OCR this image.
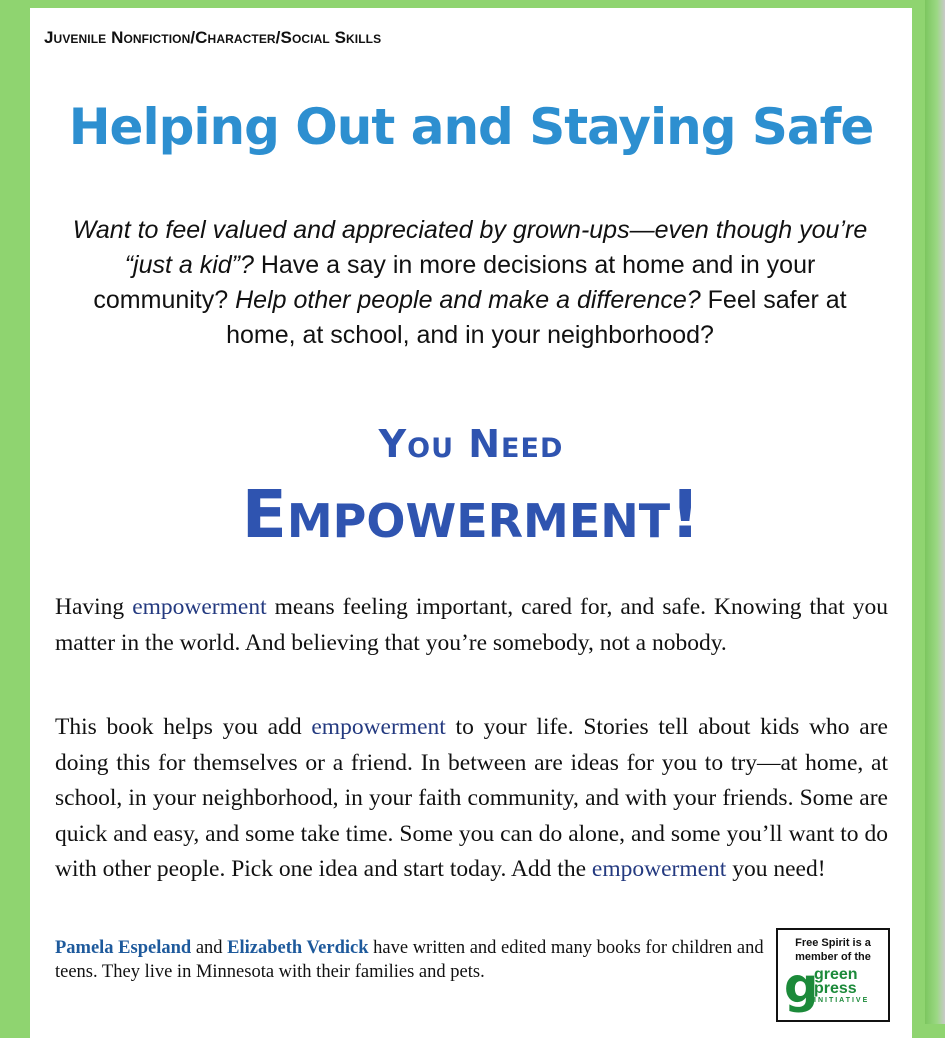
Juvenile Nonfiction/Character/Social Skills
Helping Out and Staying Safe
Want to feel valued and appreciated by grown-ups—even though you’re “just a kid”? Have a say in more decisions at home and in your community? Help other people and make a difference? Feel safer at home, at school, and in your neighborhood?
You Need
Empowerment!
Having empowerment means feeling important, cared for, and safe. Knowing that you matter in the world. And believing that you’re somebody, not a nobody.
This book helps you add empowerment to your life. Stories tell about kids who are doing this for themselves or a friend. In between are ideas for you to try—at home, at school, in your neighborhood, in your faith community, and with your friends. Some are quick and easy, and some take time. Some you can do alone, and some you’ll want to do with other people. Pick one idea and start today. Add the empowerment you need!
Pamela Espeland and Elizabeth Verdick have written and edited many books for children and teens. They live in Minnesota with their families and pets.
Free Spirit is a
member of the
g
green
press
INITIATIVE
